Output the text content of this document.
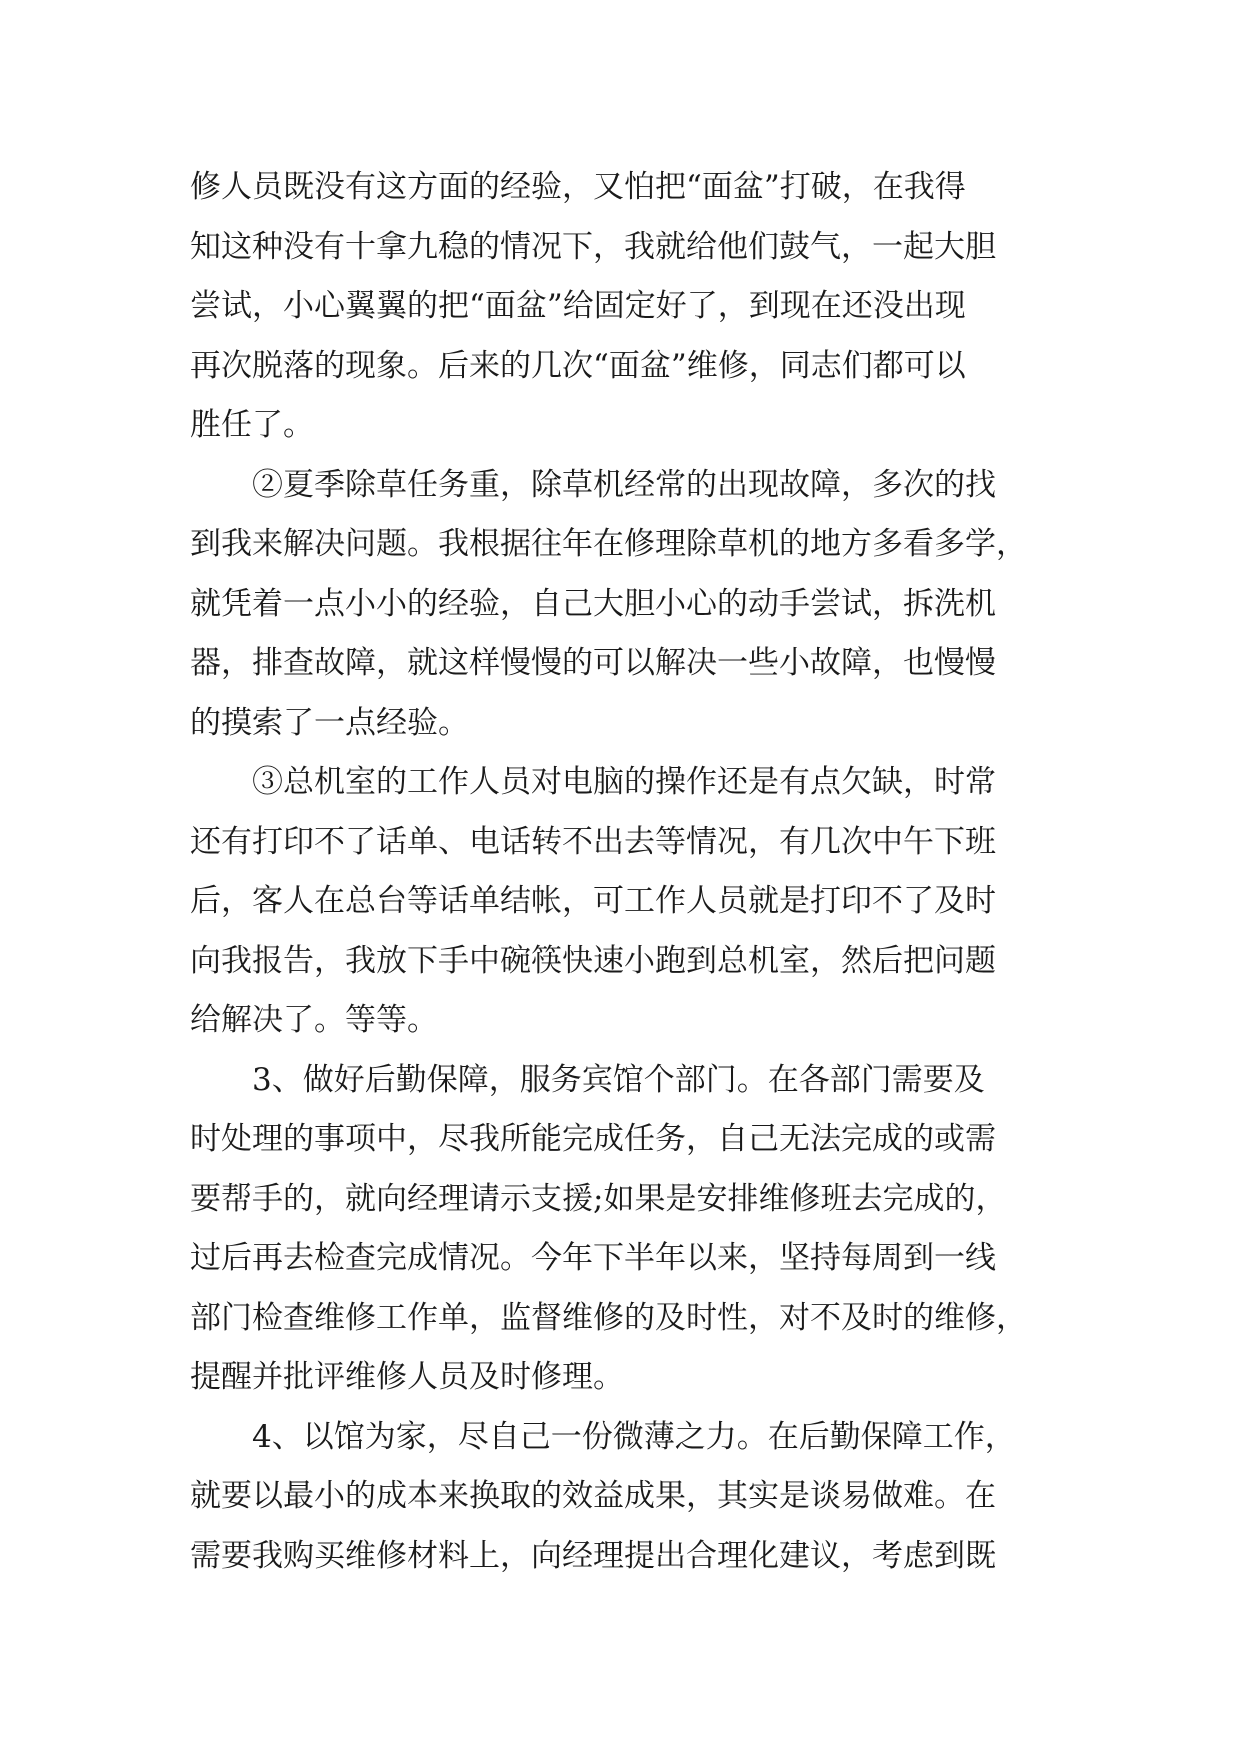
修人员既没有这方面的经验，又怕把“面盆”打破，在我得
知这种没有十拿九稳的情况下，我就给他们鼓气，一起大胆
尝试，小心翼翼的把“面盆”给固定好了，到现在还没出现
再次脱落的现象。后来的几次“面盆”维修，同志们都可以
胜任了。
②夏季除草任务重，除草机经常的出现故障，多次的找
到我来解决问题。我根据往年在修理除草机的地方多看多学，
就凭着一点小小的经验，自己大胆小心的动手尝试，拆洗机
器，排查故障，就这样慢慢的可以解决一些小故障，也慢慢
的摸索了一点经验。
③总机室的工作人员对电脑的操作还是有点欠缺，时常
还有打印不了话单、电话转不出去等情况，有几次中午下班
后，客人在总台等话单结帐，可工作人员就是打印不了及时
向我报告，我放下手中碗筷快速小跑到总机室，然后把问题
给解决了。等等。
3、做好后勤保障，服务宾馆个部门。在各部门需要及
时处理的事项中，尽我所能完成任务，自己无法完成的或需
要帮手的，就向经理请示支援;如果是安排维修班去完成的，
过后再去检查完成情况。今年下半年以来，坚持每周到一线
部门检查维修工作单，监督维修的及时性，对不及时的维修，
提醒并批评维修人员及时修理。
4、以馆为家，尽自己一份微薄之力。在后勤保障工作，
就要以最小的成本来换取的效益成果，其实是谈易做难。在
需要我购买维修材料上，向经理提出合理化建议，考虑到既
